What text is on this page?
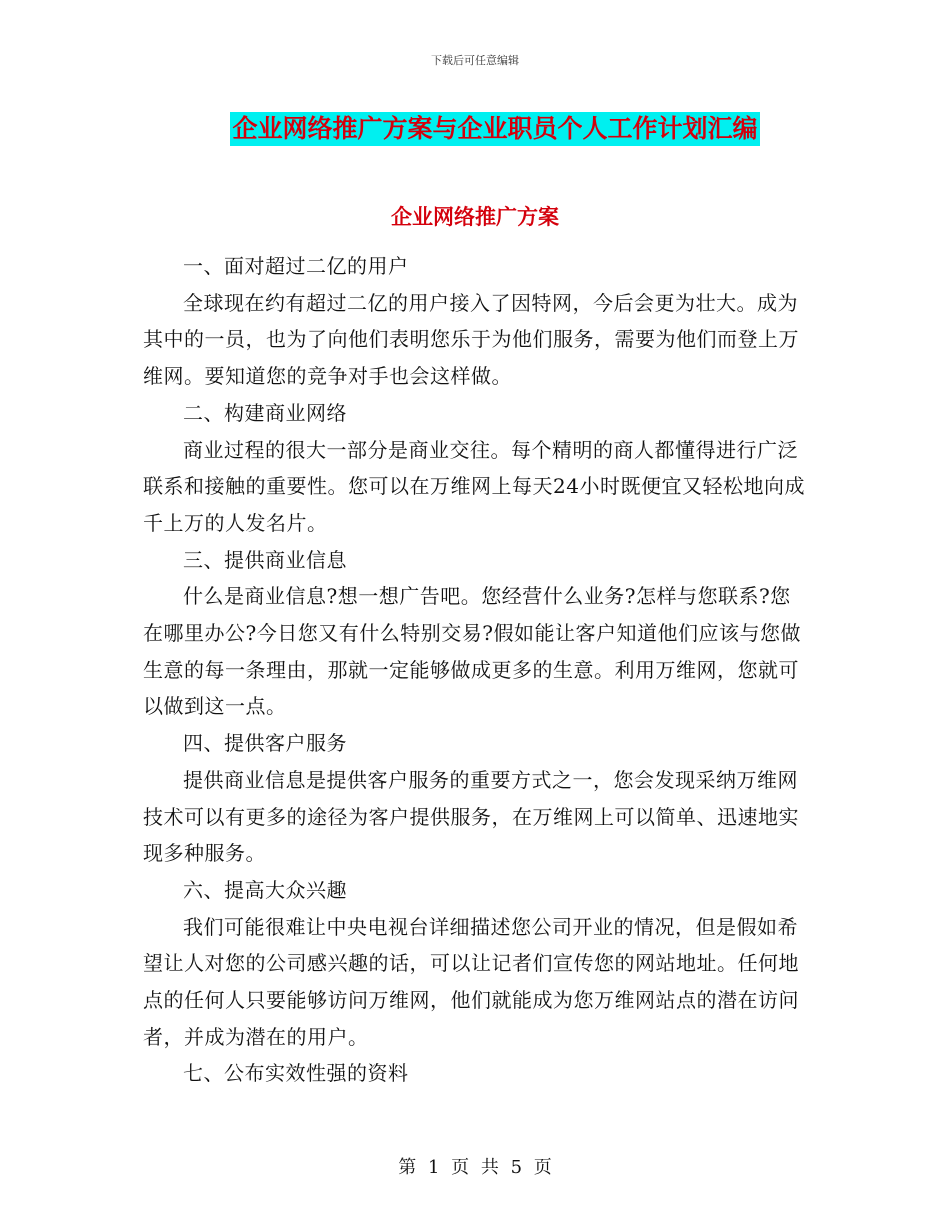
下载后可任意编辑
企业网络推广方案与企业职员个人工作计划汇编
企业网络推广方案

一、面对超过二亿的用户

全球现在约有超过二亿的用户接入了因特网，今后会更为壮大。成为其中的一员，也为了向他们表明您乐于为他们服务，需要为他们而登上万维网。要知道您的竞争对手也会这样做。

二、构建商业网络

商业过程的很大一部分是商业交往。每个精明的商人都懂得进行广泛联系和接触的重要性。您可以在万维网上每天24小时既便宜又轻松地向成千上万的人发名片。

三、提供商业信息

什么是商业信息?想一想广告吧。您经营什么业务?怎样与您联系?您在哪里办公?今日您又有什么特别交易?假如能让客户知道他们应该与您做生意的每一条理由，那就一定能够做成更多的生意。利用万维网，您就可以做到这一点。

四、提供客户服务

提供商业信息是提供客户服务的重要方式之一，您会发现采纳万维网技术可以有更多的途径为客户提供服务，在万维网上可以简单、迅速地实现多种服务。

六、提高大众兴趣

我们可能很难让中央电视台详细描述您公司开业的情况，但是假如希望让人对您的公司感兴趣的话，可以让记者们宣传您的网站地址。任何地点的任何人只要能够访问万维网，他们就能成为您万维网站点的潜在访问者，并成为潜在的用户。

七、公布实效性强的资料

第 1 页 共 5 页
